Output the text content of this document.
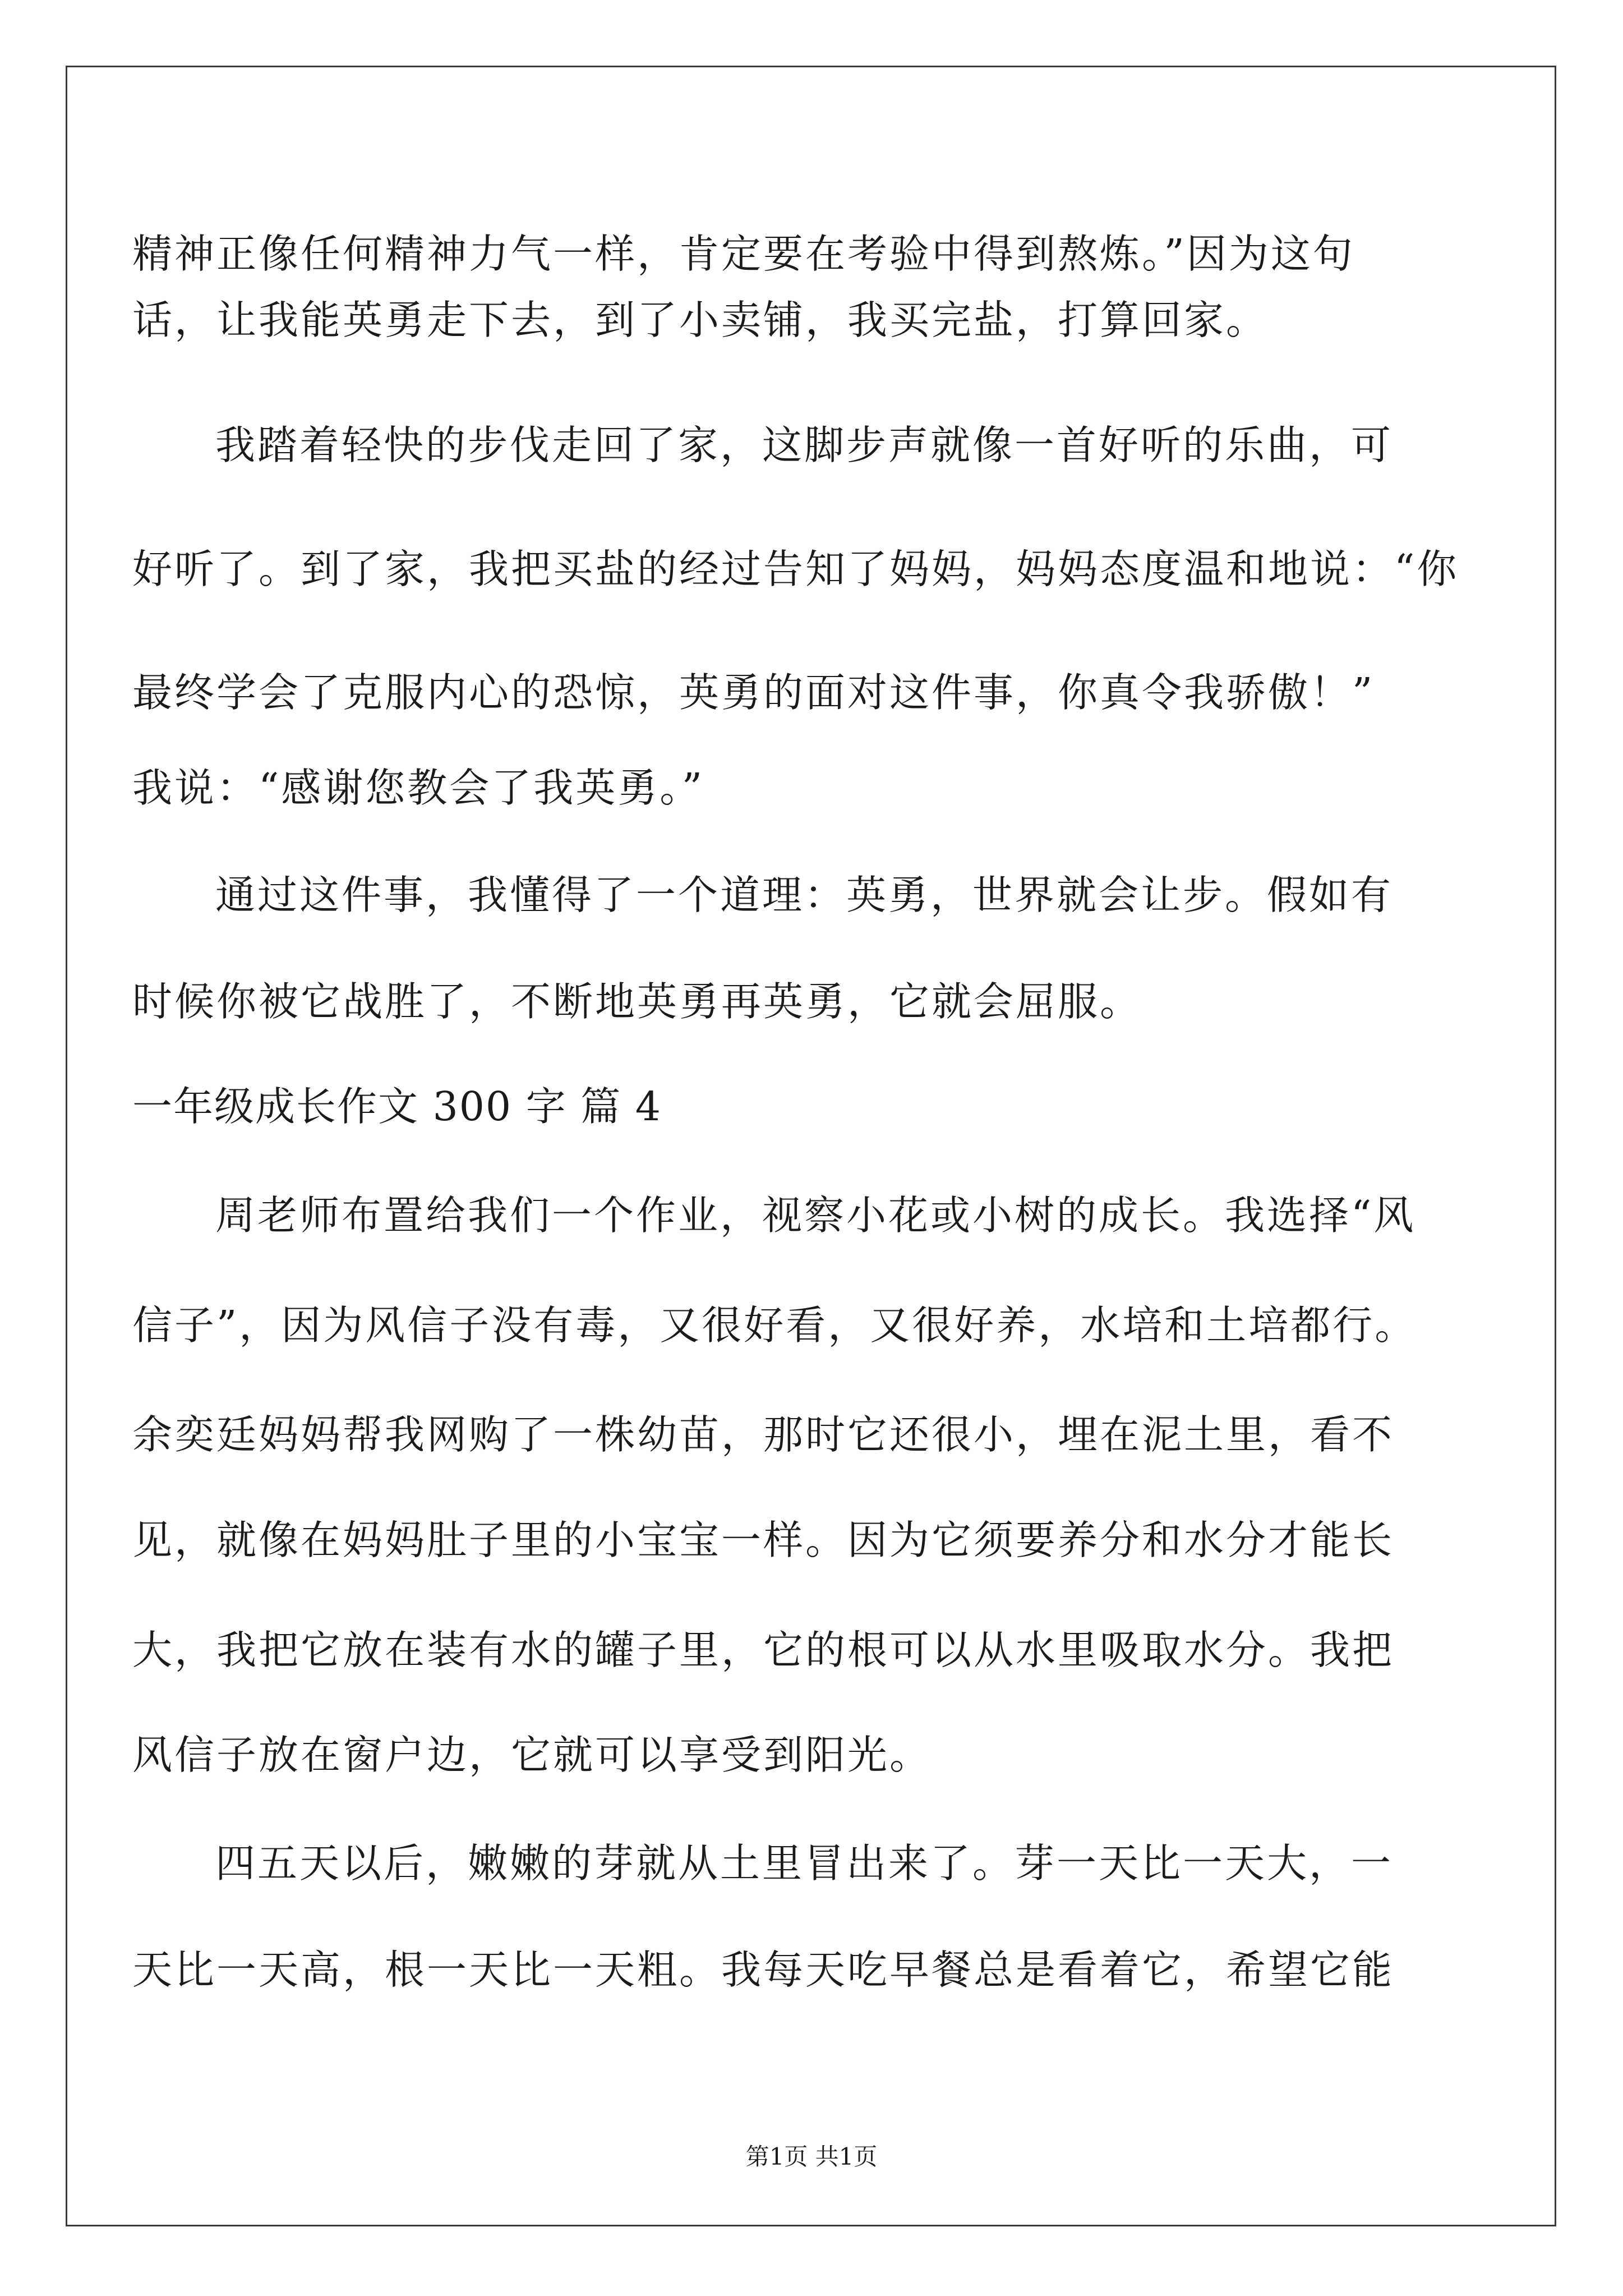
精神正像任何精神力气一样，肯定要在考验中得到熬炼。”因为这句
话，让我能英勇走下去，到了小卖铺，我买完盐，打算回家。
我踏着轻快的步伐走回了家，这脚步声就像一首好听的乐曲，可
好听了。到了家，我把买盐的经过告知了妈妈，妈妈态度温和地说：“你
最终学会了克服内心的恐惊，英勇的面对这件事，你真令我骄傲！”
我说：“感谢您教会了我英勇。”
通过这件事，我懂得了一个道理：英勇，世界就会让步。假如有
时候你被它战胜了，不断地英勇再英勇，它就会屈服。
一年级成长作文 300 字 篇 4
周老师布置给我们一个作业，视察小花或小树的成长。我选择“风
信子”，因为风信子没有毒，又很好看，又很好养，水培和土培都行。
余奕廷妈妈帮我网购了一株幼苗，那时它还很小，埋在泥土里，看不
见，就像在妈妈肚子里的小宝宝一样。因为它须要养分和水分才能长
大，我把它放在装有水的罐子里，它的根可以从水里吸取水分。我把
风信子放在窗户边，它就可以享受到阳光。
四五天以后，嫩嫩的芽就从土里冒出来了。芽一天比一天大，一
天比一天高，根一天比一天粗。我每天吃早餐总是看着它，希望它能
第1页 共1页
